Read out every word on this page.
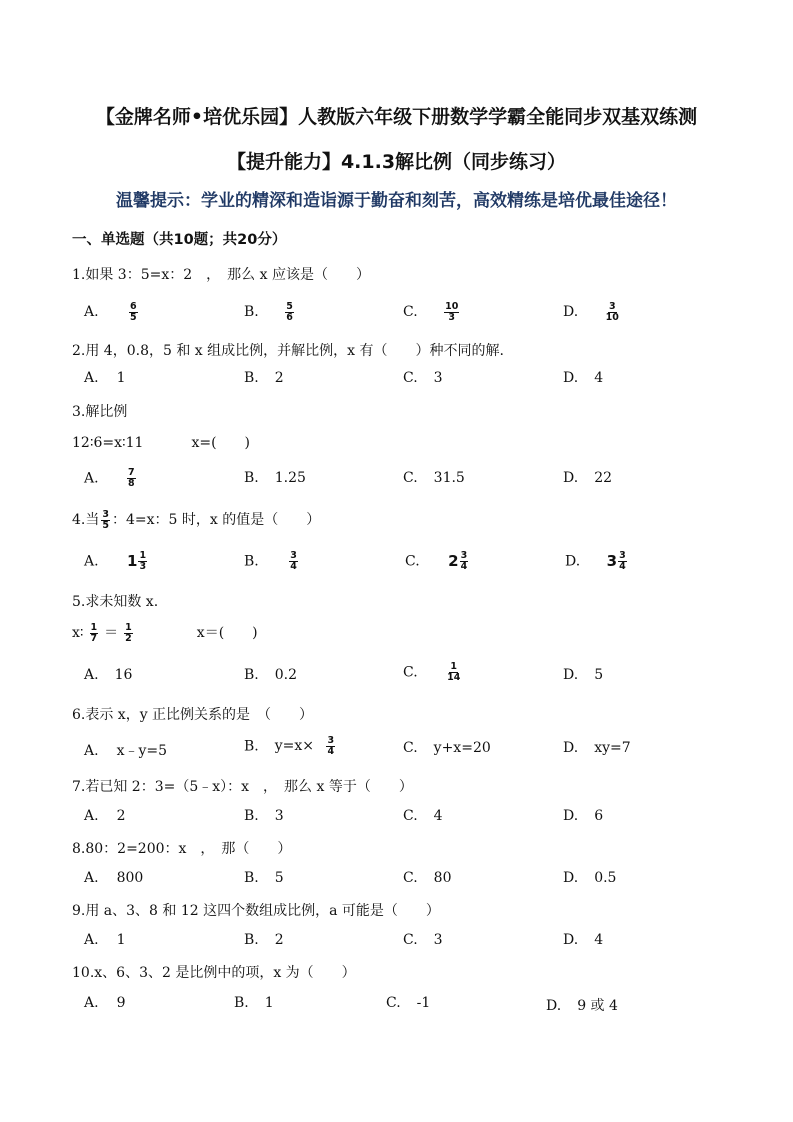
【金牌名师•培优乐园】人教版六年级下册数学学霸全能同步双基双练测
【提升能力】4.1.3解比例（同步练习）
温馨提示：学业的精深和造诣源于勤奋和刻苦，高效精练是培优最佳途径！
一、单选题（共10题；共20分）
1.如果 3：5=x：2　，　那么 x 应该是（　　）
A.	$\frac{6}{5}$	B.	$\frac{5}{6}$	C.	$\frac{10}{3}$	D.	$\frac{3}{10}$
2.用 4，0.8，5 和 x 组成比例，并解比例，x 有（　　）种不同的解.
A. 1	B. 2	C. 3	D. 4
3.解比例
12∶6=x∶11	x=(　　)
A.	$\frac{7}{8}$	B. 1.25	C. 31.5	D. 22
4.当 $\frac{3}{5}$ ：4=x：5 时，x 的值是（　　）
A. $1 \frac{1}{3}$	B.	$\frac{3}{4}$	C. $2 \frac{3}{4}$	D. $3 \frac{3}{4}$
5.求未知数 x.
x∶ $\frac{1}{7} = \frac{1}{2}$	x＝(　　)
A. 16	B. 0.2	C.	$\frac{1}{14}$	D. 5
6.表示 x，y 正比例关系的是　（　　）
A. x﹣y=5	B. $y=x\times \frac{3}{4}$	C. y+x=20	D. xy=7
7.若已知 2：3=（5﹣x）：x　，　那么 x 等于（　　）
A. 2	B. 3	C. 4	D. 6
8.80：2=200：x　，　那（　　）
A. 800	B. 5	C. 80	D. 0.5
9.用 a、3、8 和 12 这四个数组成比例，a 可能是（　　）
A. 1	B. 2	C. 3	D. 4
10.x、6、3、2 是比例中的项，x 为（　　）
A. 9	B. 1	C. -1	D. 9 或 4
